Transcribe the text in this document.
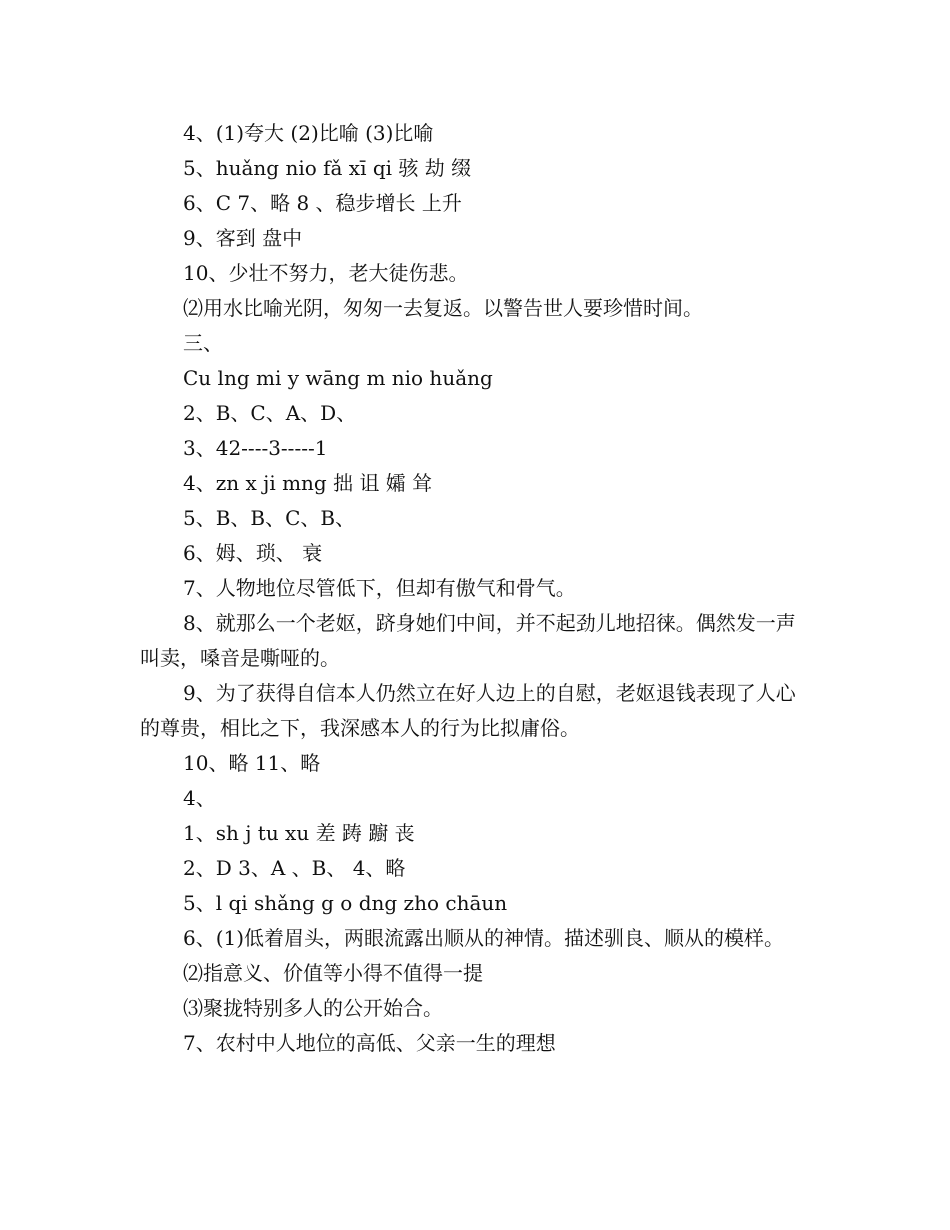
4、(1)夸大 (2)比喻 (3)比喻
5、huǎng nio fǎ xī qi 骇 劫 缀
6、C 7、略 8 、稳步增长 上升
9、客到 盘中
10、少壮不努力，老大徒伤悲。
⑵用水比喻光阴，匆匆一去复返。以警告世人要珍惜时间。
三、
Cu lng mi y wāng m nio huǎng
2、B、C、A、D、
3、42----3-----1
4、zn x ji mng 拙 诅 孀 耸
5、B、B、C、B、
6、姆、琐、 衰
7、人物地位尽管低下，但却有傲气和骨气。
8、就那么一个老妪，跻身她们中间，并不起劲儿地招徕。偶然发一声叫卖，嗓音是嘶哑的。
9、为了获得自信本人仍然立在好人边上的自慰，老妪退钱表现了人心的尊贵，相比之下，我深感本人的行为比拟庸俗。
10、略 11、略
4、
1、sh j tu xu 差 踌 躕 丧
2、D 3、A 、B、 4、略
5、l qi shǎng g o dng zho chāun
6、(1)低着眉头，两眼流露出顺从的神情。描述驯良、顺从的模样。
⑵指意义、价值等小得不值得一提
⑶聚拢特别多人的公开始合。
7、农村中人地位的高低、父亲一生的理想
